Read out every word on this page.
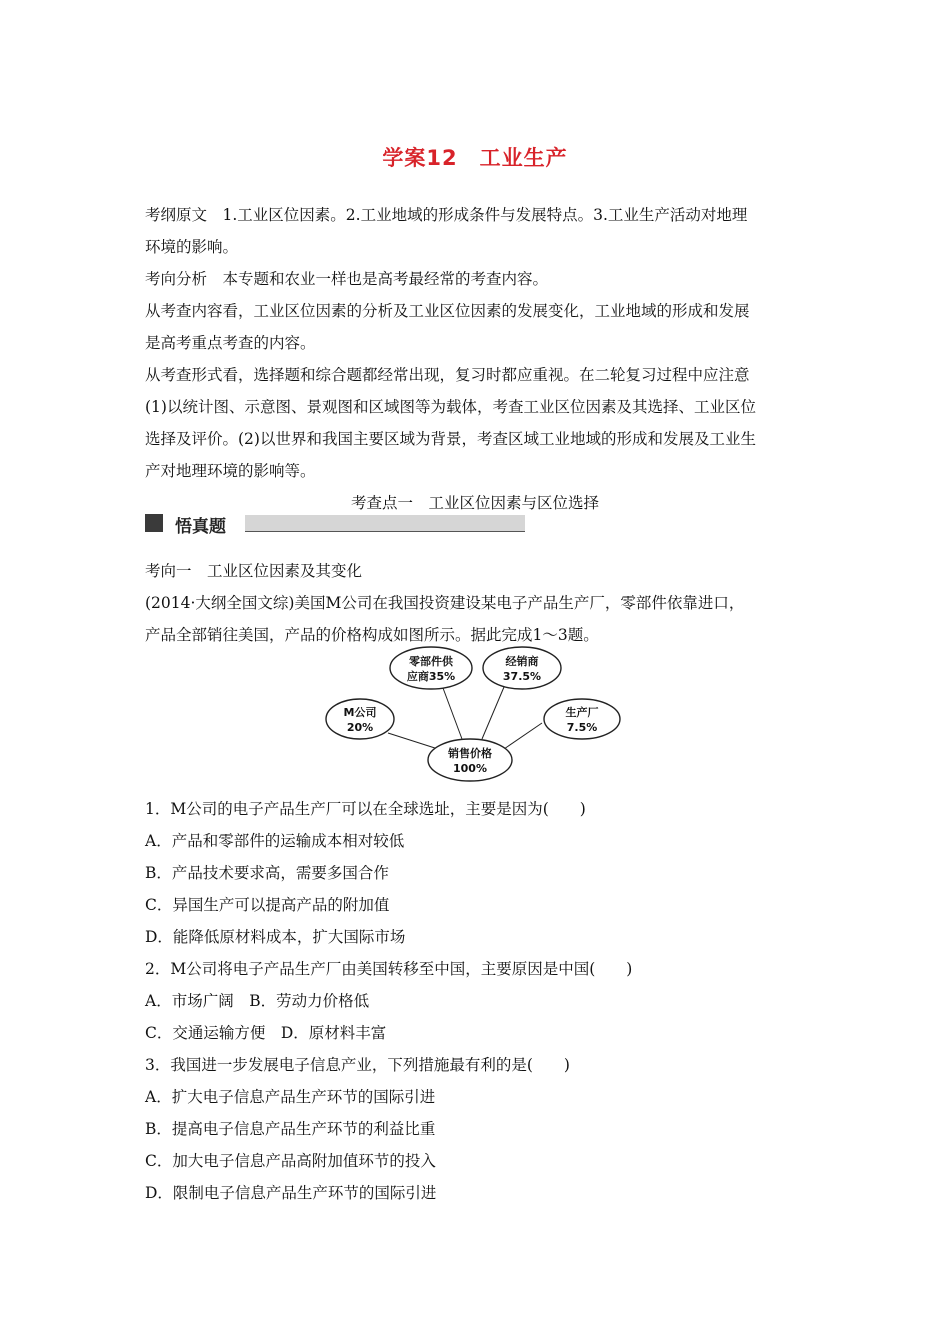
学案12　工业生产
考纲原文　1.工业区位因素。2.工业地域的形成条件与发展特点。3.工业生产活动对地理
环境的影响。
考向分析　本专题和农业一样也是高考最经常的考查内容。
从考查内容看，工业区位因素的分析及工业区位因素的发展变化，工业地域的形成和发展
是高考重点考查的内容。
从考查形式看，选择题和综合题都经常出现，复习时都应重视。在二轮复习过程中应注意
(1)以统计图、示意图、景观图和区域图等为载体，考查工业区位因素及其选择、工业区位
选择及评价。(2)以世界和我国主要区域为背景，考查区域工业地域的形成和发展及工业生
产对地理环境的影响等。
考查点一　工业区位因素与区位选择
悟真题
考向一　工业区位因素及其变化
(2014·大纲全国文综)美国M公司在我国投资建设某电子产品生产厂，零部件依靠进口，
产品全部销往美国，产品的价格构成如图所示。据此完成1～3题。
M公司
20%
零部件供
应商35%
经销商
37.5%
生产厂
7.5%
销售价格
100%
1．M公司的电子产品生产厂可以在全球选址，主要是因为(　　)
A．产品和零部件的运输成本相对较低
B．产品技术要求高，需要多国合作
C．异国生产可以提高产品的附加值
D．能降低原材料成本，扩大国际市场
2．M公司将电子产品生产厂由美国转移至中国，主要原因是中国(　　)
A．市场广阔　B．劳动力价格低
C．交通运输方便　D．原材料丰富
3．我国进一步发展电子信息产业，下列措施最有利的是(　　)
A．扩大电子信息产品生产环节的国际引进
B．提高电子信息产品生产环节的利益比重
C．加大电子信息产品高附加值环节的投入
D．限制电子信息产品生产环节的国际引进
